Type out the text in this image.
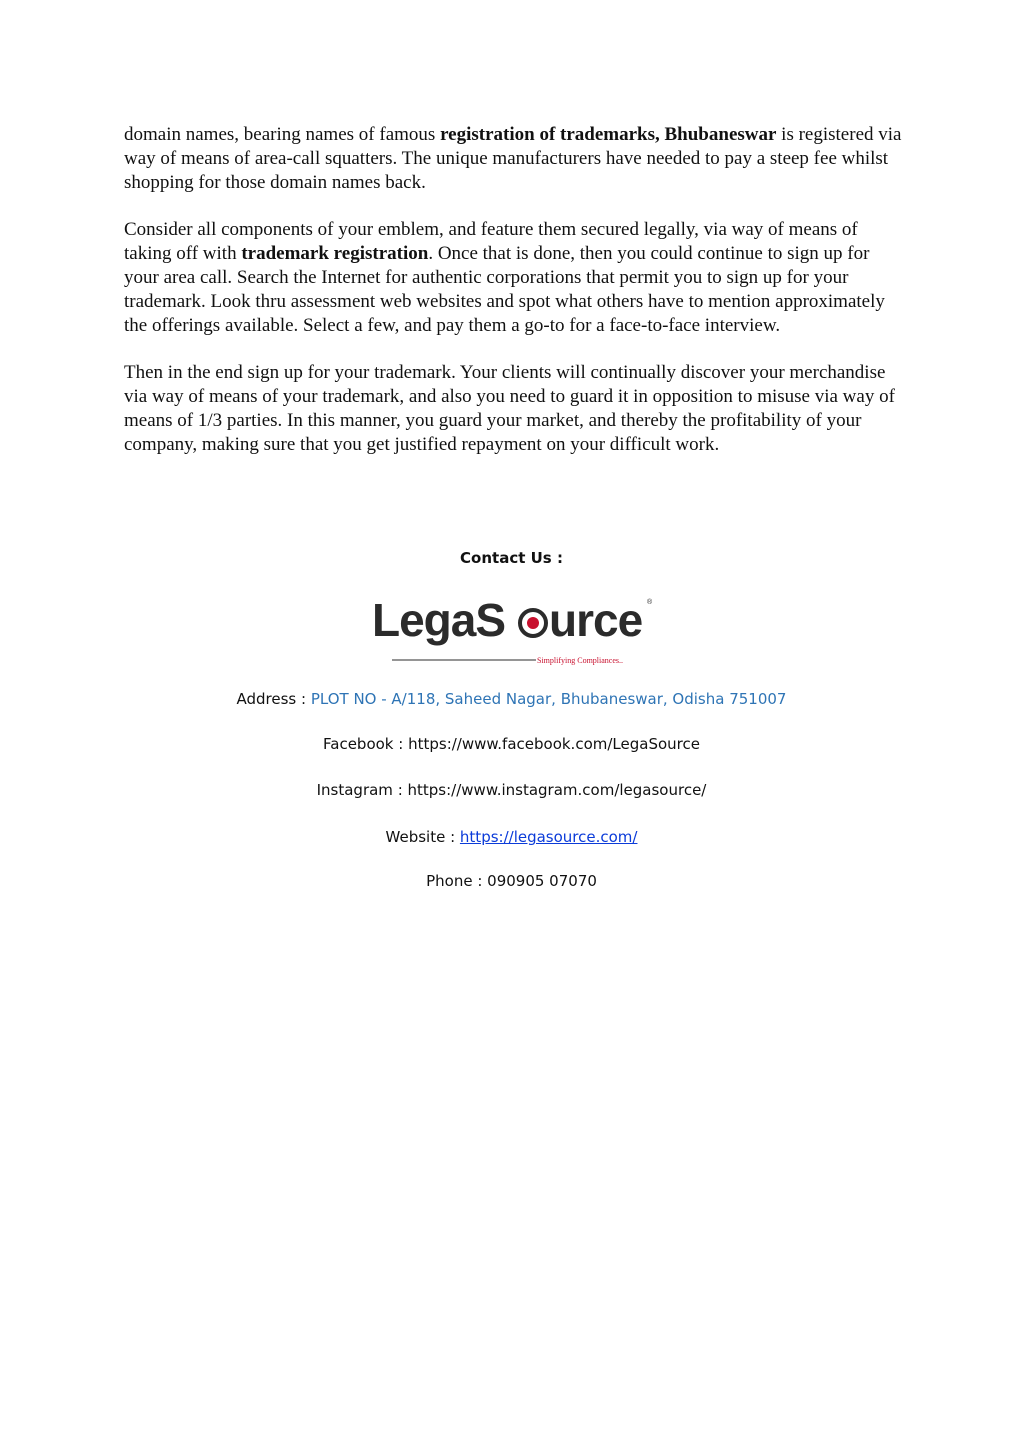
domain names, bearing names of famous registration of trademarks, Bhubaneswar is registered via way of means of area-call squatters. The unique manufacturers have needed to pay a steep fee whilst shopping for those domain names back.

Consider all components of your emblem, and feature them secured legally, via way of means of taking off with trademark registration. Once that is done, then you could continue to sign up for your area call. Search the Internet for authentic corporations that permit you to sign up for your trademark. Look thru assessment web websites and spot what others have to mention approximately the offerings available. Select a few, and pay them a go-to for a face-to-face interview.

Then in the end sign up for your trademark. Your clients will continually discover your merchandise via way of means of your trademark, and also you need to guard it in opposition to misuse via way of means of 1/3 parties. In this manner, you guard your market, and thereby the profitability of your company, making sure that you get justified repayment on your difficult work.

Contact Us :
LegaS urce ®
Simplifying Compliances..
Address : PLOT NO - A/118, Saheed Nagar, Bhubaneswar, Odisha 751007
Facebook : https://www.facebook.com/LegaSource
Instagram : https://www.instagram.com/legasource/
Website : https://legasource.com/
Phone : 090905 07070
